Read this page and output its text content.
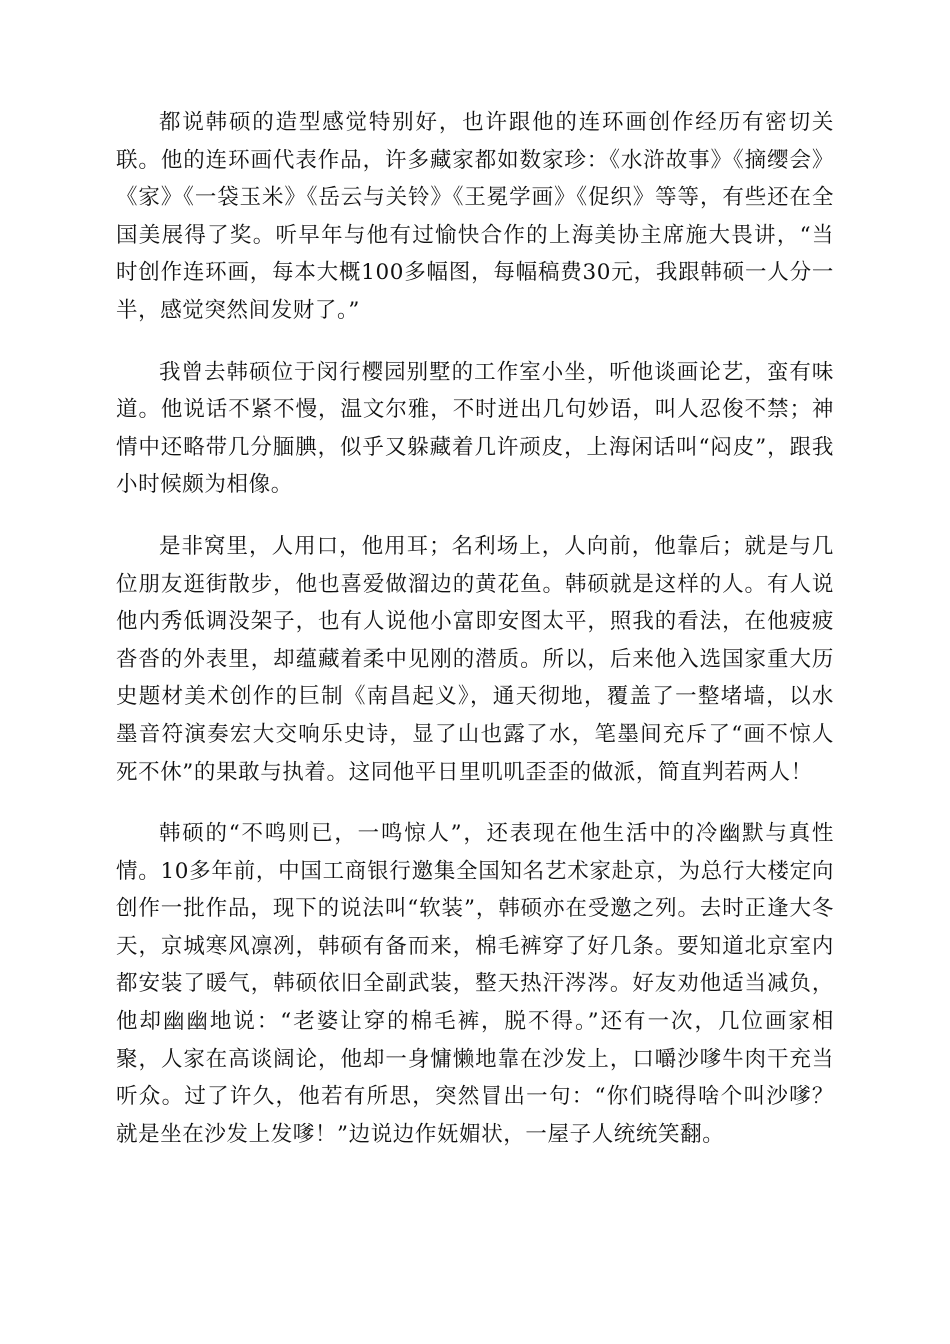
都说韩硕的造型感觉特别好，也许跟他的连环画创作经历有密切关联。他的连环画代表作品，许多藏家都如数家珍：《水浒故事》《摘缨会》《家》《一袋玉米》《岳云与关铃》《王冕学画》《促织》等等，有些还在全国美展得了奖。听早年与他有过愉快合作的上海美协主席施大畏讲，“当时创作连环画，每本大概100多幅图，每幅稿费30元，我跟韩硕一人分一半，感觉突然间发财了。”

我曾去韩硕位于闵行樱园别墅的工作室小坐，听他谈画论艺，蛮有味道。他说话不紧不慢，温文尔雅，不时迸出几句妙语，叫人忍俊不禁；神情中还略带几分腼腆，似乎又躲藏着几许顽皮，上海闲话叫“闷皮”，跟我小时候颇为相像。

是非窝里，人用口，他用耳；名利场上，人向前，他靠后；就是与几位朋友逛街散步，他也喜爱做溜边的黄花鱼。韩硕就是这样的人。有人说他内秀低调没架子，也有人说他小富即安图太平，照我的看法，在他疲疲沓沓的外表里，却蕴藏着柔中见刚的潜质。所以，后来他入选国家重大历史题材美术创作的巨制《南昌起义》，通天彻地，覆盖了一整堵墙，以水墨音符演奏宏大交响乐史诗，显了山也露了水，笔墨间充斥了“画不惊人死不休”的果敢与执着。这同他平日里叽叽歪歪的做派，简直判若两人！

韩硕的“不鸣则已，一鸣惊人”，还表现在他生活中的冷幽默与真性情。10多年前，中国工商银行邀集全国知名艺术家赴京，为总行大楼定向创作一批作品，现下的说法叫“软装”，韩硕亦在受邀之列。去时正逢大冬天，京城寒风凛冽，韩硕有备而来，棉毛裤穿了好几条。要知道北京室内都安装了暖气，韩硕依旧全副武装，整天热汗涔涔。好友劝他适当减负，他却幽幽地说：“老婆让穿的棉毛裤，脱不得。”还有一次，几位画家相聚，人家在高谈阔论，他却一身慵懒地靠在沙发上，口嚼沙嗲牛肉干充当听众。过了许久，他若有所思，突然冒出一句：“你们晓得啥个叫沙嗲？就是坐在沙发上发嗲！”边说边作妩媚状，一屋子人统统笑翻。
